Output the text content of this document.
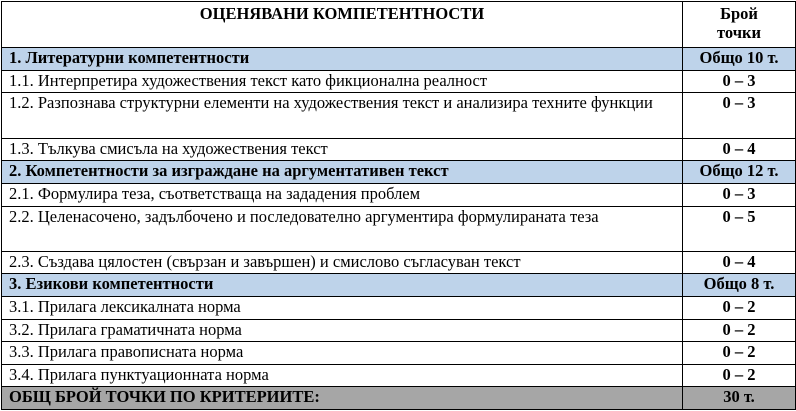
ОЦЕНЯВАНИ КОМПЕТЕНТНОСТИ	Брой
точки
1. Литературни компетентности	Общо 10 т.
1.1. Интерпретира художествения текст като фикционална реалност	0 – 3
1.2. Разпознава структурни елементи на художествения текст и анализира техните функции	0 – 3
1.3. Тълкува смисъла на художествения текст	0 – 4
2. Компетентности за изграждане на аргументативен текст	Общо 12 т.
2.1. Формулира теза, съответстваща на зададения проблем	0 – 3
2.2. Целенасочено, задълбочено и последователно аргументира формулираната теза	0 – 5
2.3. Създава цялостен (свързан и завършен) и смислово съгласуван текст	0 – 4
3. Езикови компетентности	Общо 8 т.
3.1. Прилага лексикалната норма	0 – 2
3.2. Прилага граматичната норма	0 – 2
3.3. Прилага правописната норма	0 – 2
3.4. Прилага пунктуационната норма	0 – 2
ОБЩ БРОЙ ТОЧКИ ПО КРИТЕРИИТЕ:	30 т.
